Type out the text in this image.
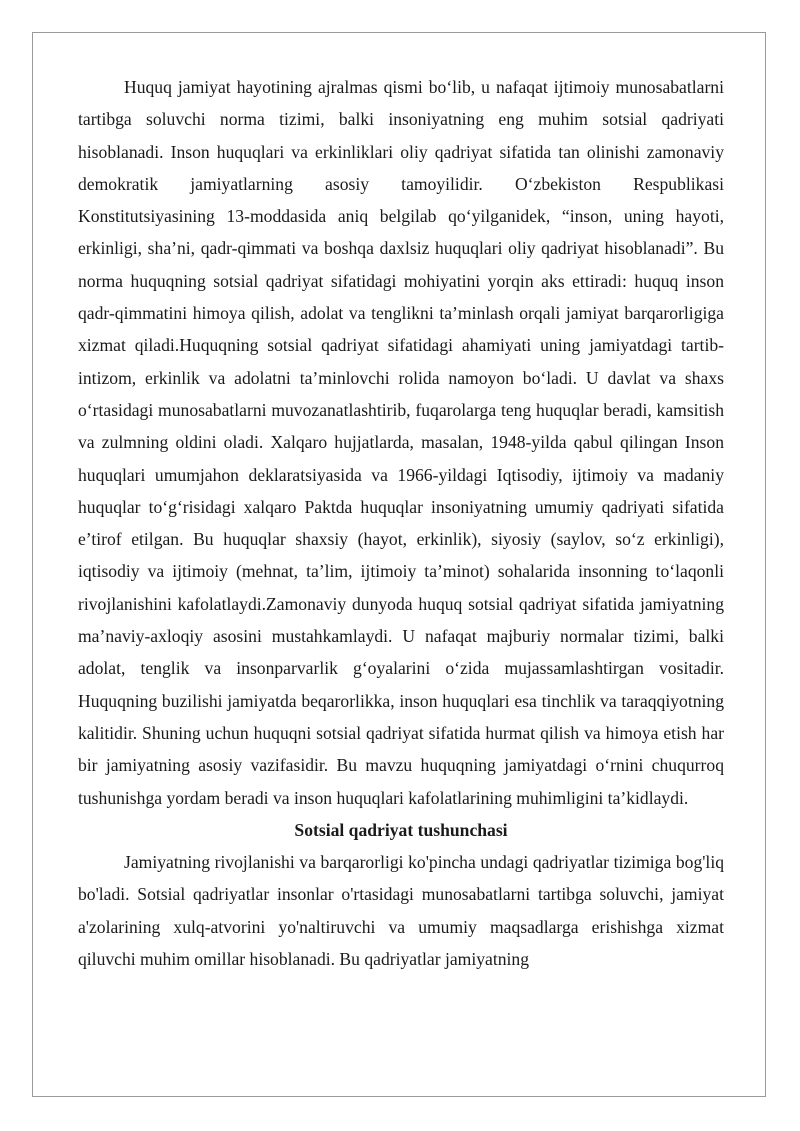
Huquq jamiyat hayotining ajralmas qismi bo‘lib, u nafaqat ijtimoiy munosabatlarni tartibga soluvchi norma tizimi, balki insoniyatning eng muhim sotsial qadriyati hisoblanadi. Inson huquqlari va erkinliklari oliy qadriyat sifatida tan olinishi zamonaviy demokratik jamiyatlarning asosiy tamoyilidir. O‘zbekiston Respublikasi Konstitutsiyasining 13-moddasida aniq belgilab qo‘yilganidek, “inson, uning hayoti, erkinligi, sha’ni, qadr-qimmati va boshqa daxlsiz huquqlari oliy qadriyat hisoblanadi”. Bu norma huquqning sotsial qadriyat sifatidagi mohiyatini yorqin aks ettiradi: huquq inson qadr-qimmatini himoya qilish, adolat va tenglikni ta’minlash orqali jamiyat barqarorligiga xizmat qiladi.Huquqning sotsial qadriyat sifatidagi ahamiyati uning jamiyatdagi tartib-intizom, erkinlik va adolatni ta’minlovchi rolida namoyon bo‘ladi. U davlat va shaxs o‘rtasidagi munosabatlarni muvozanatlashtirib, fuqarolarga teng huquqlar beradi, kamsitish va zulmning oldini oladi. Xalqaro hujjatlarda, masalan, 1948-yilda qabul qilingan Inson huquqlari umumjahon deklaratsiyasida va 1966-yildagi Iqtisodiy, ijtimoiy va madaniy huquqlar to‘g‘risidagi xalqaro Paktda huquqlar insoniyatning umumiy qadriyati sifatida e’tirof etilgan. Bu huquqlar shaxsiy (hayot, erkinlik), siyosiy (saylov, so‘z erkinligi), iqtisodiy va ijtimoiy (mehnat, ta’lim, ijtimoiy ta’minot) sohalarida insonning to‘laqonli rivojlanishini kafolatlaydi.Zamonaviy dunyoda huquq sotsial qadriyat sifatida jamiyatning ma’naviy-axloqiy asosini mustahkamlaydi. U nafaqat majburiy normalar tizimi, balki adolat, tenglik va insonparvarlik g‘oyalarini o‘zida mujassamlashtirgan vositadir. Huquqning buzilishi jamiyatda beqarorlikka, inson huquqlari esa tinchlik va taraqqiyotning kalitidir. Shuning uchun huquqni sotsial qadriyat sifatida hurmat qilish va himoya etish har bir jamiyatning asosiy vazifasidir. Bu mavzu huquqning jamiyatdagi o‘rnini chuqurroq tushunishga yordam beradi va inson huquqlari kafolatlarining muhimligini ta’kidlaydi.

Sotsial qadriyat tushunchasi

Jamiyatning rivojlanishi va barqarorligi ko'pincha undagi qadriyatlar tizimiga bog'liq bo'ladi. Sotsial qadriyatlar insonlar o'rtasidagi munosabatlarni tartibga soluvchi, jamiyat a'zolarining xulq-atvorini yo'naltiruvchi va umumiy maqsadlarga erishishga xizmat qiluvchi muhim omillar hisoblanadi. Bu qadriyatlar jamiyatning
